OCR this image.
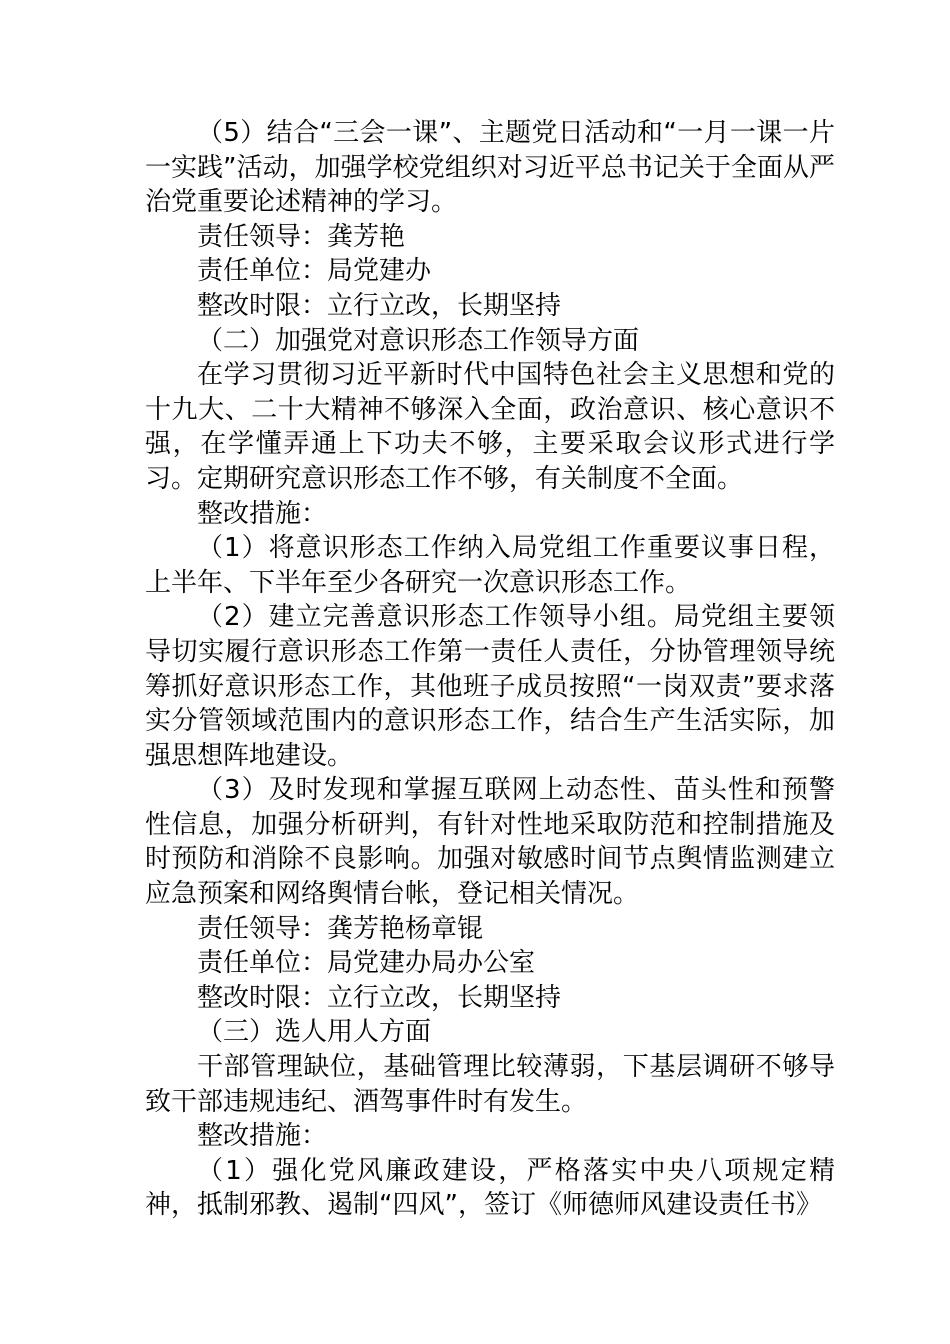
（5）结合“三会一课”、主题党日活动和“一月一课一片一实践”活动，加强学校党组织对习近平总书记关于全面从严治党重要论述精神的学习。

责任领导：龚芳艳

责任单位：局党建办

整改时限：立行立改，长期坚持

（二）加强党对意识形态工作领导方面

在学习贯彻习近平新时代中国特色社会主义思想和党的十九大、二十大精神不够深入全面，政治意识、核心意识不强，在学懂弄通上下功夫不够，主要采取会议形式进行学习。定期研究意识形态工作不够，有关制度不全面。

整改措施：

（1）将意识形态工作纳入局党组工作重要议事日程，上半年、下半年至少各研究一次意识形态工作。

（2）建立完善意识形态工作领导小组。局党组主要领导切实履行意识形态工作第一责任人责任，分协管理领导统筹抓好意识形态工作，其他班子成员按照“一岗双责”要求落实分管领域范围内的意识形态工作，结合生产生活实际，加强思想阵地建设。

（3）及时发现和掌握互联网上动态性、苗头性和预警性信息，加强分析研判，有针对性地采取防范和控制措施及时预防和消除不良影响。加强对敏感时间节点舆情监测建立应急预案和网络舆情台帐，登记相关情况。

责任领导：龚芳艳杨章锟

责任单位：局党建办局办公室

整改时限：立行立改，长期坚持

（三）选人用人方面

干部管理缺位，基础管理比较薄弱，下基层调研不够导致干部违规违纪、酒驾事件时有发生。

整改措施：

（1）强化党风廉政建设，严格落实中央八项规定精神，抵制邪教、遏制“四风”，签订《师德师风建设责任书》
